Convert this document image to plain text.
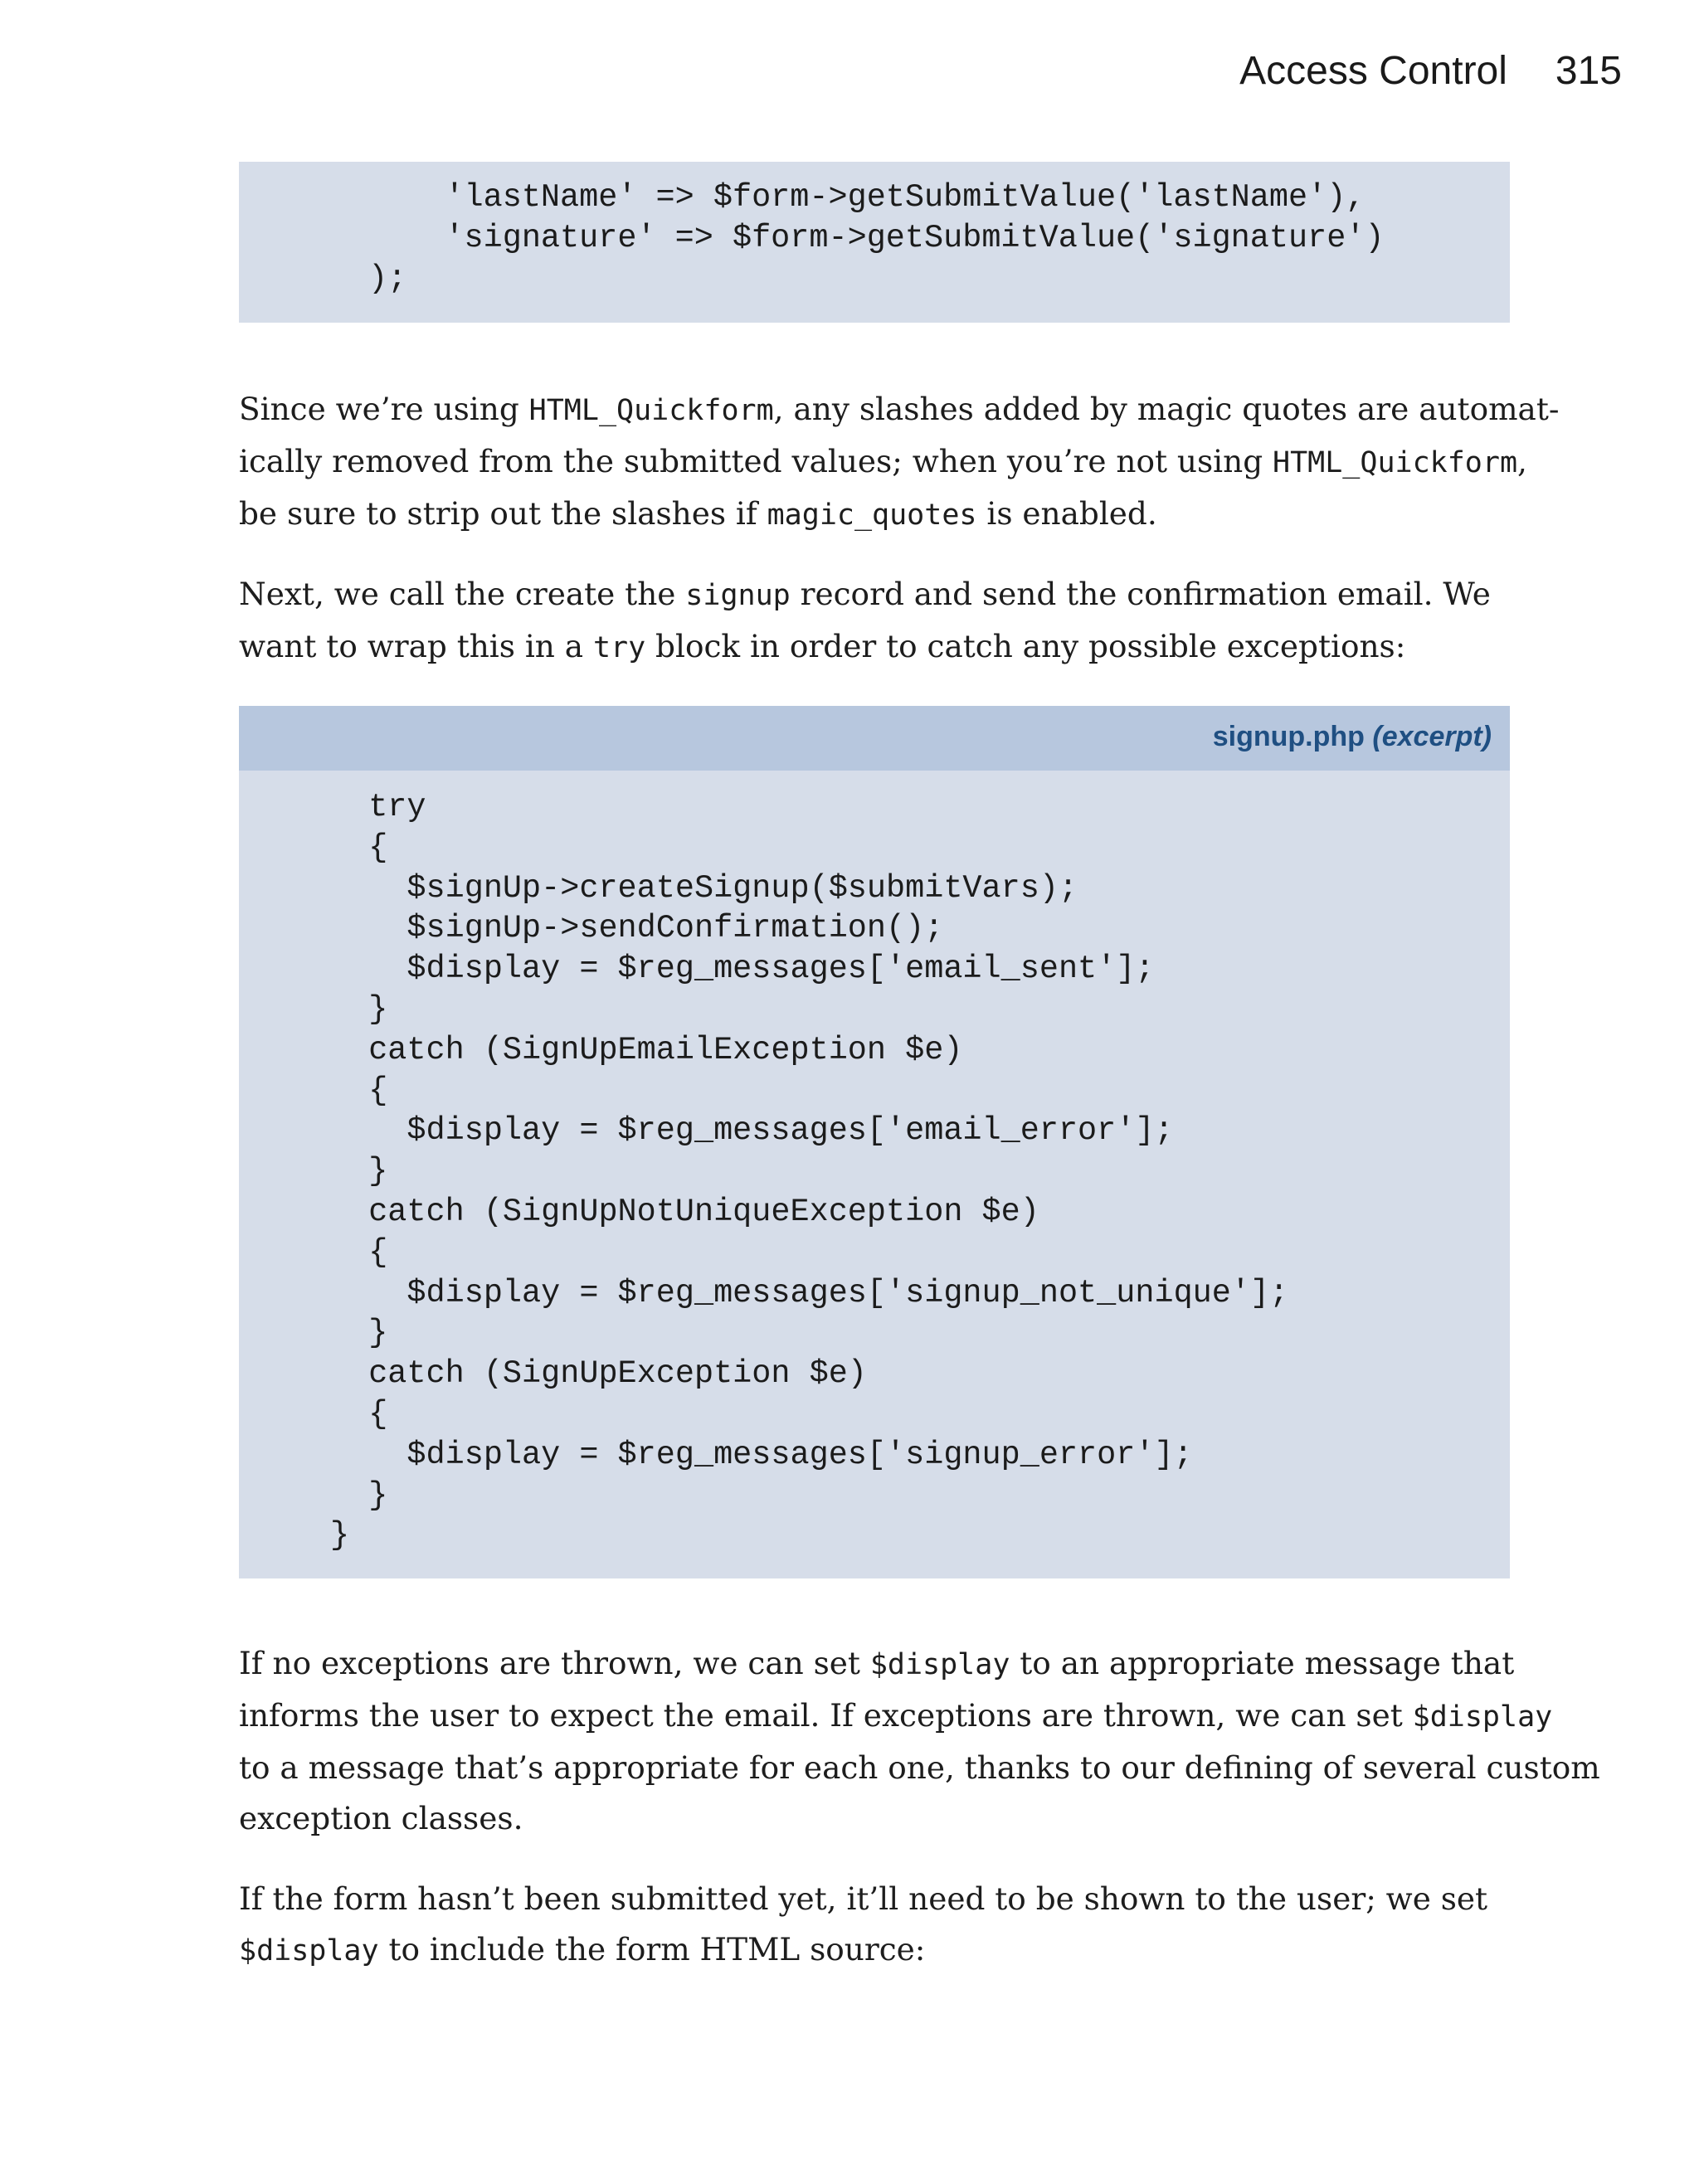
Access Control 315
'lastName' => $form->getSubmitValue('lastName'),
'signature' => $form->getSubmitValue('signature')
);

Since we’re using HTML_Quickform, any slashes added by magic quotes are automat-
ically removed from the submitted values; when you’re not using HTML_Quickform,
be sure to strip out the slashes if magic_quotes is enabled.

Next, we call the create the signup record and send the confirmation email. We
want to wrap this in a try block in order to catch any possible exceptions:

signup.php (excerpt)
try
{
$signUp->createSignup($submitVars);
$signUp->sendConfirmation();
$display = $reg_messages['email_sent'];
}
catch (SignUpEmailException $e)
{
$display = $reg_messages['email_error'];
}
catch (SignUpNotUniqueException $e)
{
$display = $reg_messages['signup_not_unique'];
}
catch (SignUpException $e)
{
$display = $reg_messages['signup_error'];
}
}

If no exceptions are thrown, we can set $display to an appropriate message that
informs the user to expect the email. If exceptions are thrown, we can set $display
to a message that’s appropriate for each one, thanks to our defining of several custom
exception classes.

If the form hasn’t been submitted yet, it’ll need to be shown to the user; we set
$display to include the form HTML source:
